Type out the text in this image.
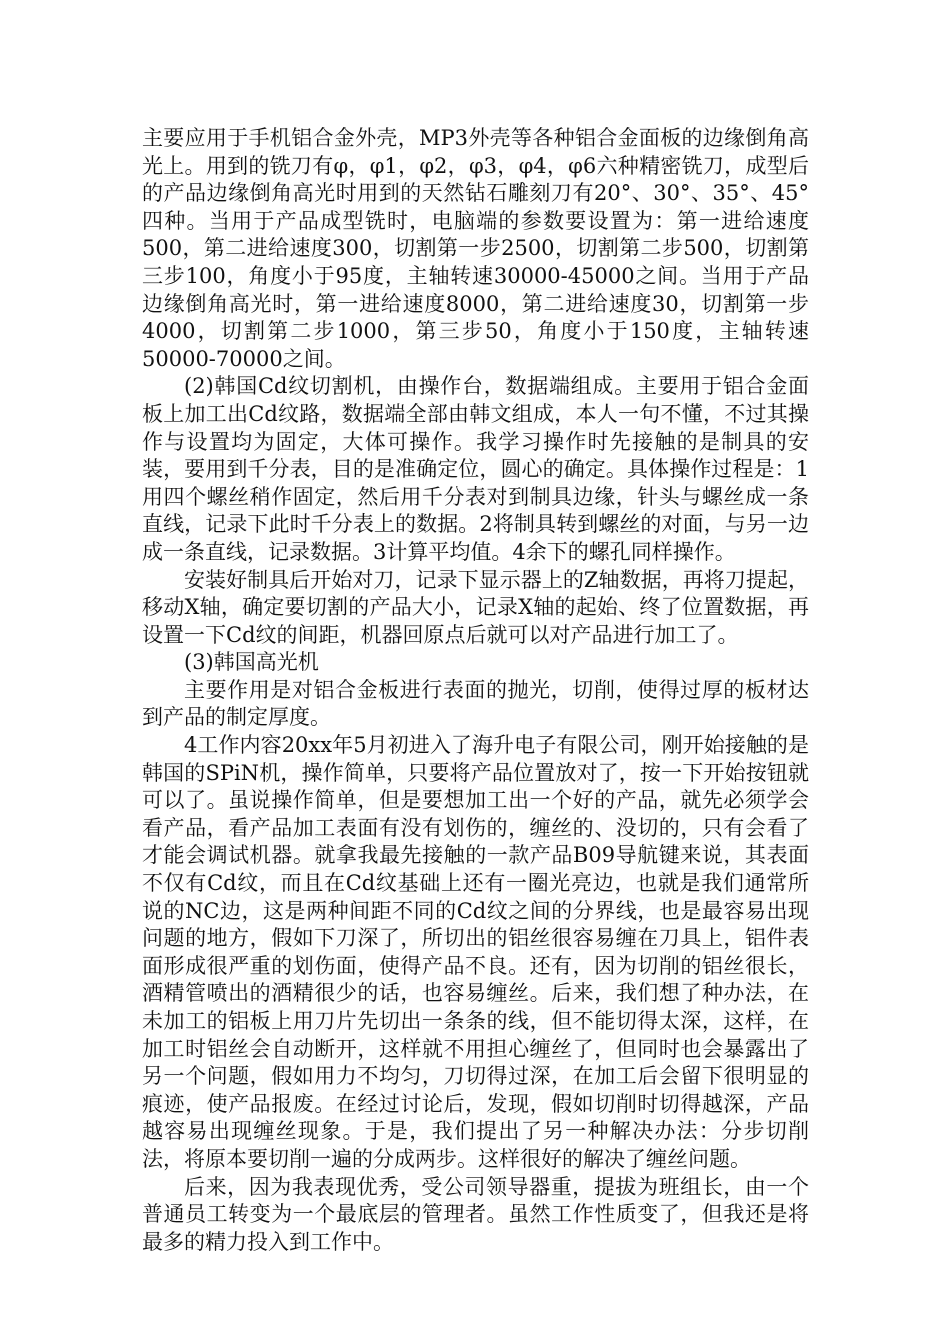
主要应用于手机铝合金外壳，MP3外壳等各种铝合金面板的边缘倒角高光上。用到的铣刀有φ，φ1，φ2，φ3，φ4，φ6六种精密铣刀，成型后的产品边缘倒角高光时用到的天然钻石雕刻刀有20°、30°、35°、45°四种。当用于产品成型铣时，电脑端的参数要设置为：第一进给速度500，第二进给速度300，切割第一步2500，切割第二步500，切割第三步100，角度小于95度，主轴转速30000-45000之间。当用于产品边缘倒角高光时，第一进给速度8000，第二进给速度30，切割第一步4000，切割第二步1000，第三步50，角度小于150度，主轴转速50000-70000之间。

(2)韩国Cd纹切割机，由操作台，数据端组成。主要用于铝合金面板上加工出Cd纹路，数据端全部由韩文组成，本人一句不懂，不过其操作与设置均为固定，大体可操作。我学习操作时先接触的是制具的安装，要用到千分表，目的是准确定位，圆心的确定。具体操作过程是：1用四个螺丝稍作固定，然后用千分表对到制具边缘，针头与螺丝成一条直线，记录下此时千分表上的数据。2将制具转到螺丝的对面，与另一边成一条直线，记录数据。3计算平均值。4余下的螺孔同样操作。

安装好制具后开始对刀，记录下显示器上的Z轴数据，再将刀提起，移动X轴，确定要切割的产品大小，记录X轴的起始、终了位置数据，再设置一下Cd纹的间距，机器回原点后就可以对产品进行加工了。

(3)韩国高光机

主要作用是对铝合金板进行表面的抛光，切削，使得过厚的板材达到产品的制定厚度。

4工作内容20xx年5月初进入了海升电子有限公司，刚开始接触的是韩国的SPiN机，操作简单，只要将产品位置放对了，按一下开始按钮就可以了。虽说操作简单，但是要想加工出一个好的产品，就先必须学会看产品，看产品加工表面有没有划伤的，缠丝的、没切的，只有会看了才能会调试机器。就拿我最先接触的一款产品B09导航键来说，其表面不仅有Cd纹，而且在Cd纹基础上还有一圈光亮边，也就是我们通常所说的NC边，这是两种间距不同的Cd纹之间的分界线，也是最容易出现问题的地方，假如下刀深了，所切出的铝丝很容易缠在刀具上，铝件表面形成很严重的划伤面，使得产品不良。还有，因为切削的铝丝很长，酒精管喷出的酒精很少的话，也容易缠丝。后来，我们想了种办法，在未加工的铝板上用刀片先切出一条条的线，但不能切得太深，这样，在加工时铝丝会自动断开，这样就不用担心缠丝了，但同时也会暴露出了另一个问题，假如用力不均匀，刀切得过深，在加工后会留下很明显的痕迹，使产品报废。在经过讨论后，发现，假如切削时切得越深，产品越容易出现缠丝现象。于是，我们提出了另一种解决办法：分步切削法，将原本要切削一遍的分成两步。这样很好的解决了缠丝问题。

后来，因为我表现优秀，受公司领导器重，提拔为班组长，由一个普通员工转变为一个最底层的管理者。虽然工作性质变了，但我还是将最多的精力投入到工作中。
